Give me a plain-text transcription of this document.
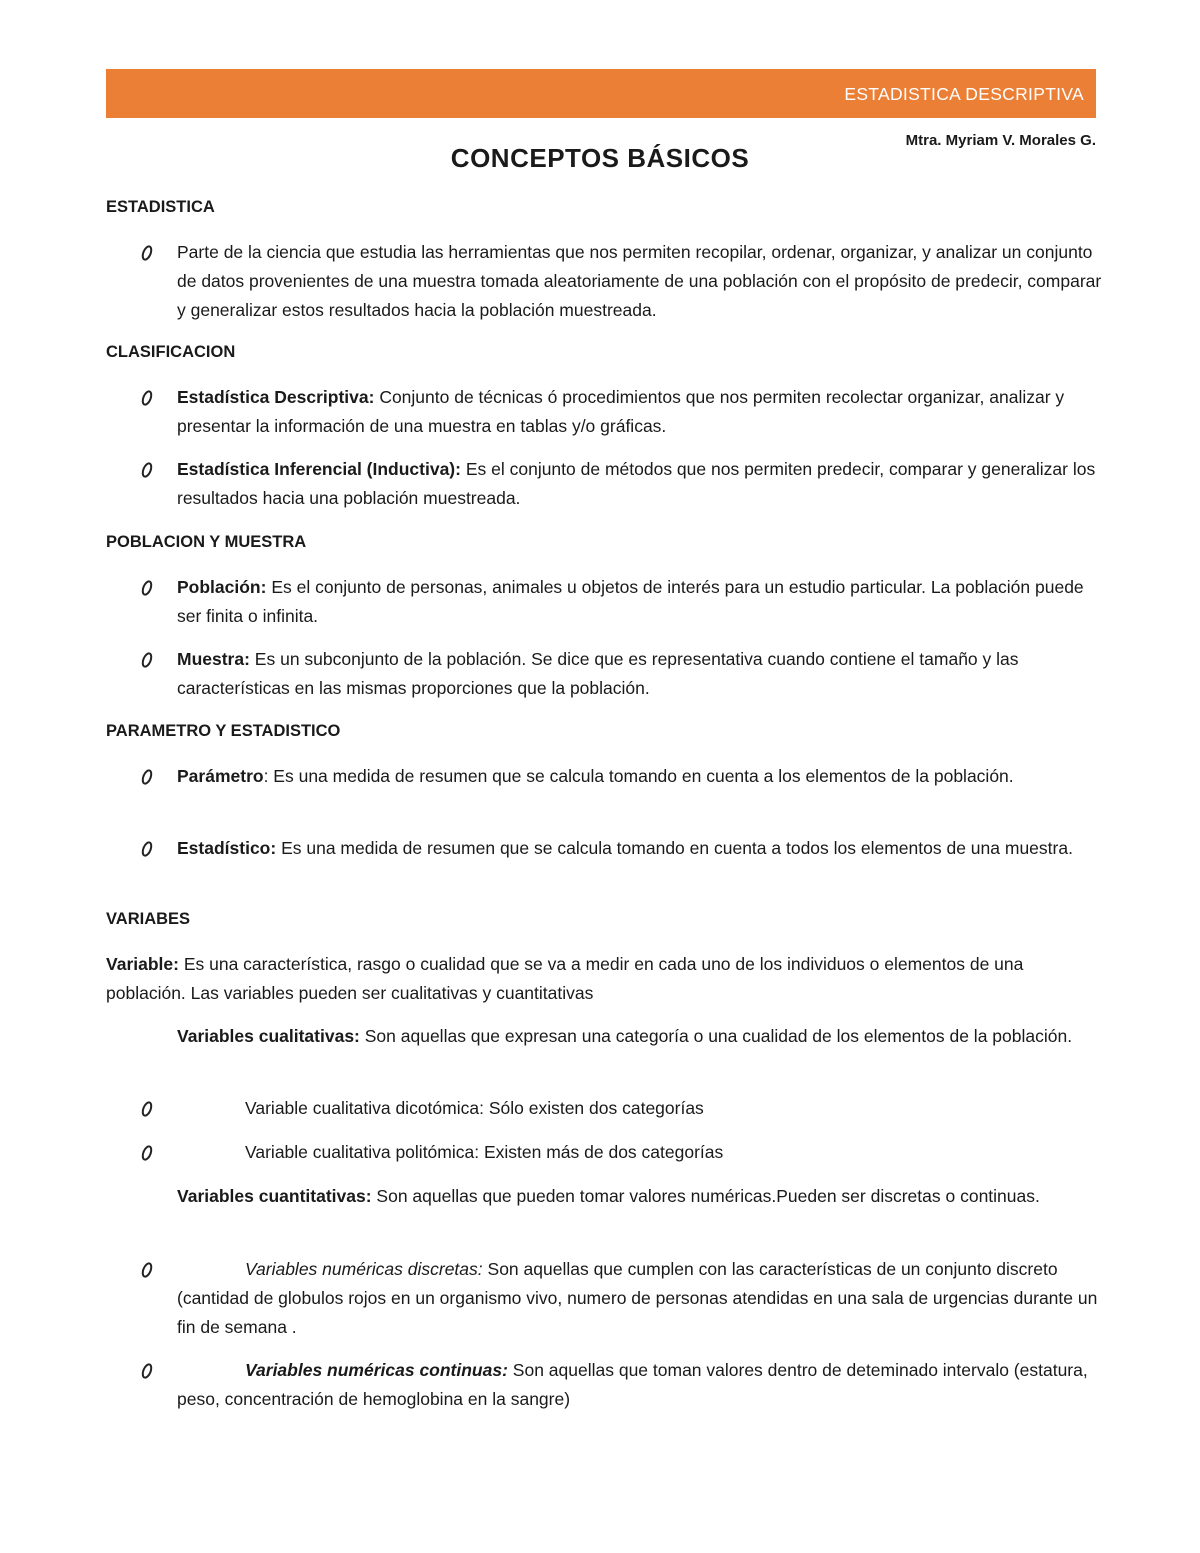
ESTADISTICA DESCRIPTIVA
Mtra. Myriam V. Morales G.
CONCEPTOS BÁSICOS
ESTADISTICA
Parte de la ciencia que estudia las herramientas que nos permiten recopilar, ordenar, organizar, y analizar un conjunto de datos provenientes de una muestra tomada aleatoriamente de una población con el propósito de predecir, comparar y generalizar estos resultados hacia la población muestreada.
CLASIFICACION
Estadística Descriptiva: Conjunto de técnicas ó procedimientos que nos permiten recolectar organizar, analizar y presentar la información de una muestra en tablas y/o gráficas.
Estadística Inferencial (Inductiva): Es el conjunto de métodos que nos permiten predecir, comparar y generalizar los resultados hacia una población muestreada.
POBLACION Y MUESTRA
Población: Es el conjunto de personas, animales u objetos de interés para un estudio particular. La población puede ser finita o infinita.
Muestra: Es un subconjunto de la población. Se dice que es representativa cuando contiene el tamaño y las características en las mismas proporciones que la población.
PARAMETRO Y ESTADISTICO
Parámetro: Es una medida de resumen que se calcula tomando en cuenta a los elementos de la población.
Estadístico: Es una medida de resumen que se calcula tomando en cuenta a todos los elementos de una muestra.
VARIABES
Variable: Es una característica, rasgo o cualidad que se va a medir en cada uno de los individuos o elementos de una población. Las variables pueden ser cualitativas y cuantitativas
Variables cualitativas: Son aquellas que expresan una categoría o una cualidad de los elementos de la población.
Variable cualitativa dicotómica: Sólo existen dos categorías
Variable cualitativa politómica: Existen más de dos categorías
Variables cuantitativas: Son aquellas que pueden tomar valores numéricas.Pueden ser discretas o continuas.
Variables numéricas discretas: Son aquellas que cumplen con las características de un conjunto discreto (cantidad de globulos rojos en un organismo vivo, numero de personas atendidas en una sala de urgencias durante un fin de semana .
Variables numéricas continuas: Son aquellas que toman valores dentro de deteminado intervalo (estatura, peso, concentración de hemoglobina en la sangre)
